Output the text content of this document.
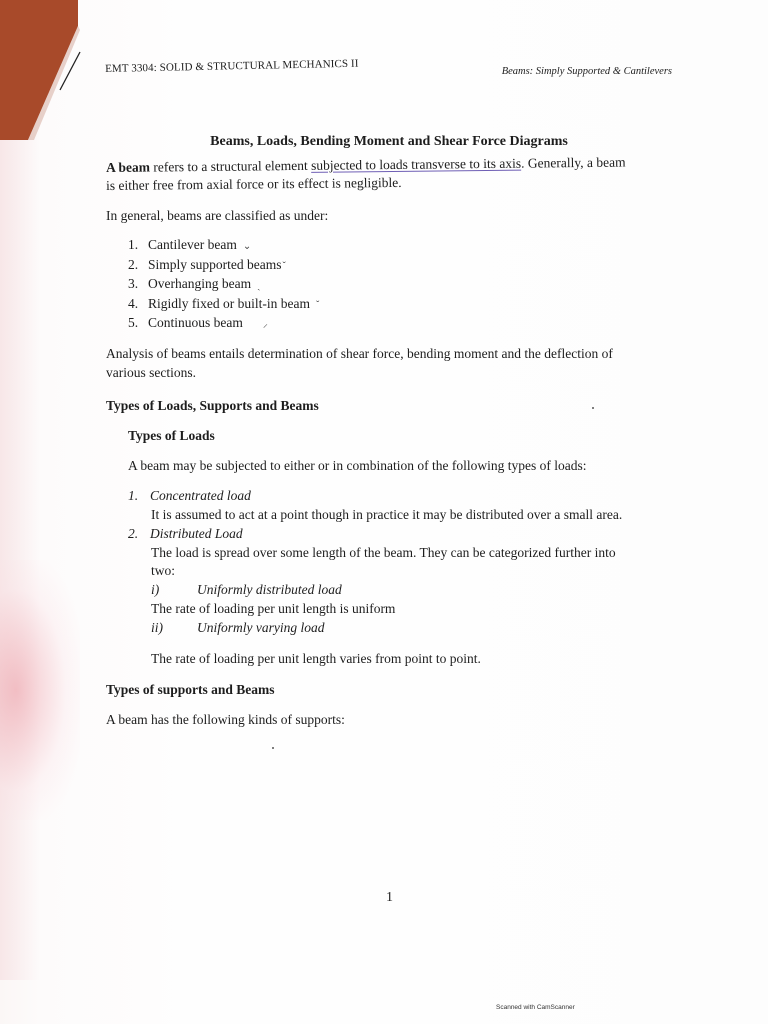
EMT 3304: SOLID & STRUCTURAL MECHANICS II	Beams: Simply Supported & Cantilevers
Beams, Loads, Bending Moment and Shear Force Diagrams
A beam refers to a structural element subjected to loads transverse to its axis. Generally, a beam
is either free from axial force or its effect is negligible.
In general, beams are classified as under:
1. Cantilever beam ⌄
2. Simply supported beamsˇ
3. Overhanging beam ˎ
4. Rigidly fixed or built-in beam ˇ
5. Continuous beam ⸝
Analysis of beams entails determination of shear force, bending moment and the deflection of
various sections.
Types of Loads, Supports and Beams
Types of Loads
A beam may be subjected to either or in combination of the following types of loads:
1. Concentrated load
It is assumed to act at a point though in practice it may be distributed over a small area.
2. Distributed Load
The load is spread over some length of the beam. They can be categorized further into
two:
i)	Uniformly distributed load
The rate of loading per unit length is uniform
ii)	Uniformly varying load
The rate of loading per unit length varies from point to point.
Types of supports and Beams
A beam has the following kinds of supports:
1
Scanned with CamScanner
